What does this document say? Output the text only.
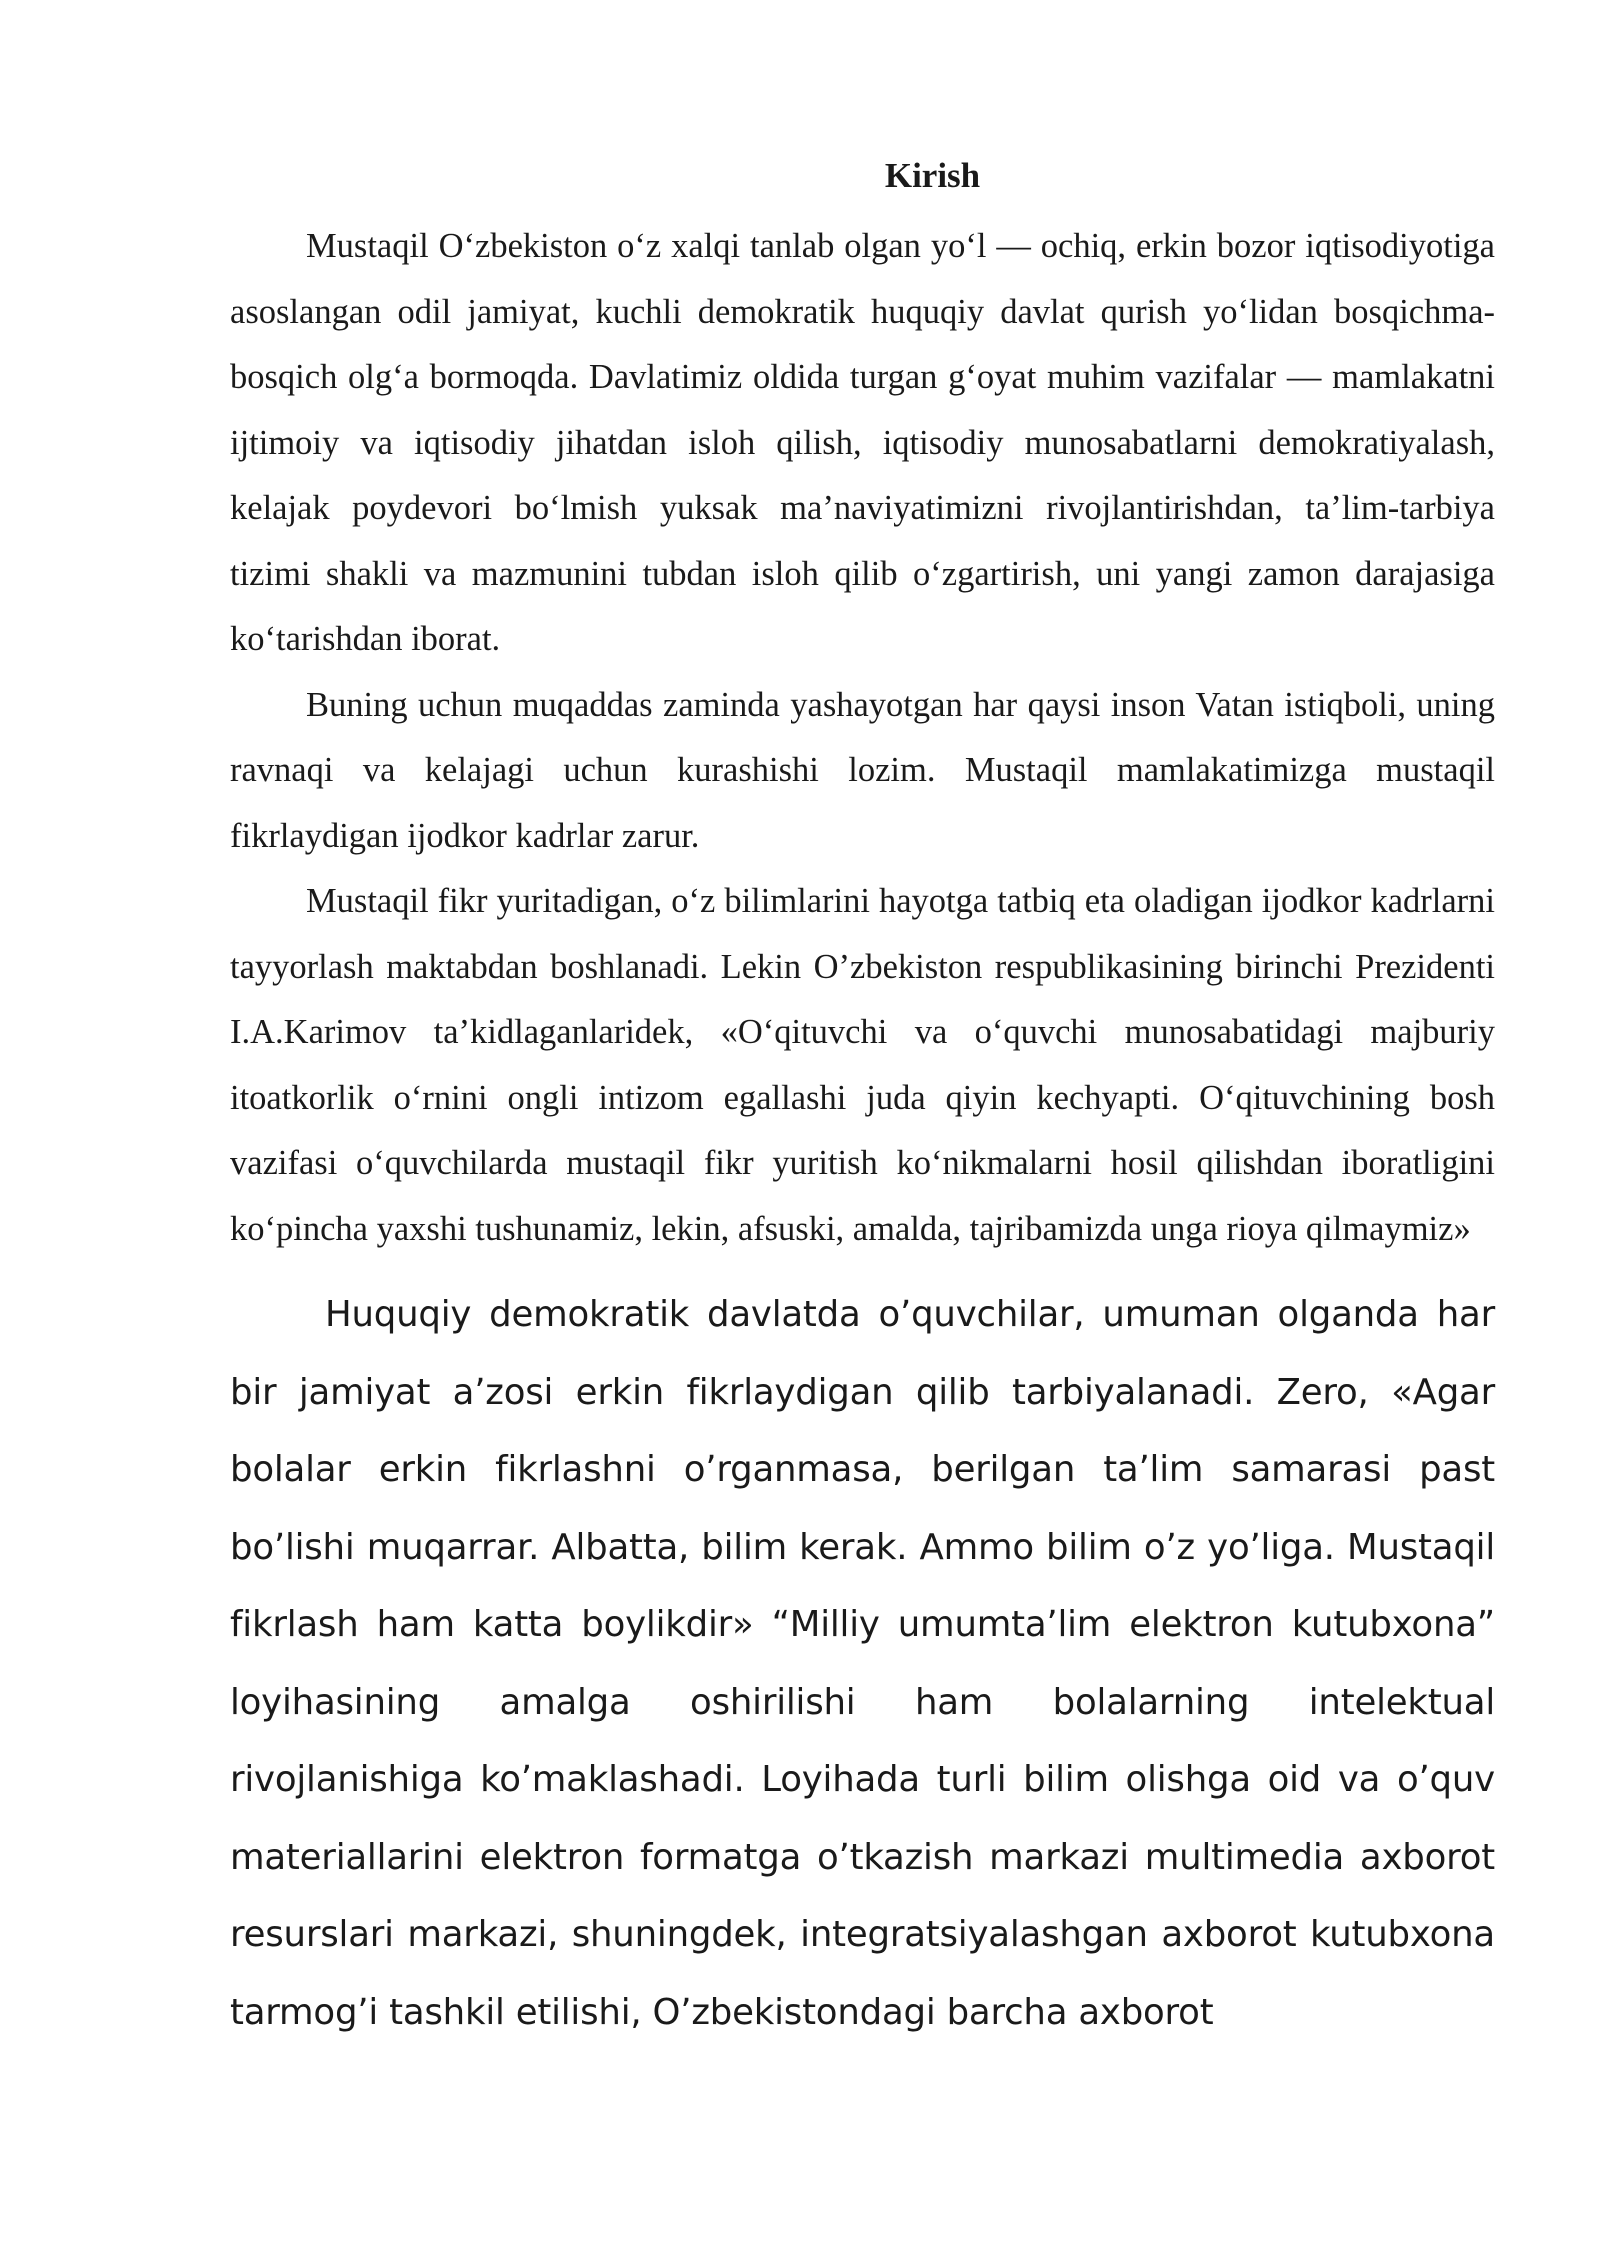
Kirish

Mustaqil O‘zbekiston o‘z xalqi tanlab olgan yo‘l — ochiq, erkin bozor iqtisodiyotiga asoslangan odil jamiyat, kuchli demokratik huquqiy davlat qurish yo‘lidan bosqichma-bosqich olg‘a bormoqda. Davlatimiz oldida turgan g‘oyat muhim vazifalar — mamlakatni ijtimoiy va iqtisodiy jihatdan isloh qilish, iqtisodiy munosabatlarni demokratiyalash, kelajak poydevori bo‘lmish yuksak ma’naviyatimizni rivojlantirishdan, ta’lim-tarbiya tizimi shakli va mazmunini tubdan isloh qilib o‘zgartirish, uni yangi zamon darajasiga ko‘tarishdan iborat.

Buning uchun muqaddas zaminda yashayotgan har qaysi inson Vatan istiqboli, uning ravnaqi va kelajagi uchun kurashishi lozim. Mustaqil mamlakatimizga mustaqil fikrlaydigan ijodkor kadrlar zarur.

Mustaqil fikr yuritadigan, o‘z bilimlarini hayotga tatbiq eta oladigan ijodkor kadrlarni tayyorlash maktabdan boshlanadi. Lekin O’zbekiston respublikasining birinchi Prezidenti I.A.Karimov ta’kidlaganlaridek, «O‘qituvchi va o‘quvchi munosabatidagi majburiy itoatkorlik o‘rnini ongli intizom egallashi juda qiyin kechyapti. O‘qituvchining bosh vazifasi o‘quvchilarda mustaqil fikr yuritish ko‘nikmalarni hosil qilishdan iboratligini ko‘pincha yaxshi tushunamiz, lekin, afsuski, amalda, tajribamizda unga rioya qilmaymiz»

Huquqiy demokratik davlatda o’quvchilar, umuman olganda har bir jamiyat a’zosi erkin fikrlaydigan qilib tarbiyalanadi. Zero, «Agar bolalar erkin fikrlashni o’rganmasa, berilgan ta’lim samarasi past bo’lishi muqarrar. Albatta, bilim kerak. Ammo bilim o’z yo’liga. Mustaqil fikrlash ham katta boylikdir» “Milliy umumta’lim elektron kutubxona” loyihasining amalga oshirilishi ham bolalarning intelektual rivojlanishiga ko’maklashadi. Loyihada turli bilim olishga oid va o’quv materiallarini elektron formatga o’tkazish markazi multimedia axborot resurslari markazi, shuningdek, integratsiyalashgan axborot kutubxona tarmog’i tashkil etilishi, O’zbekistondagi barcha axborot
